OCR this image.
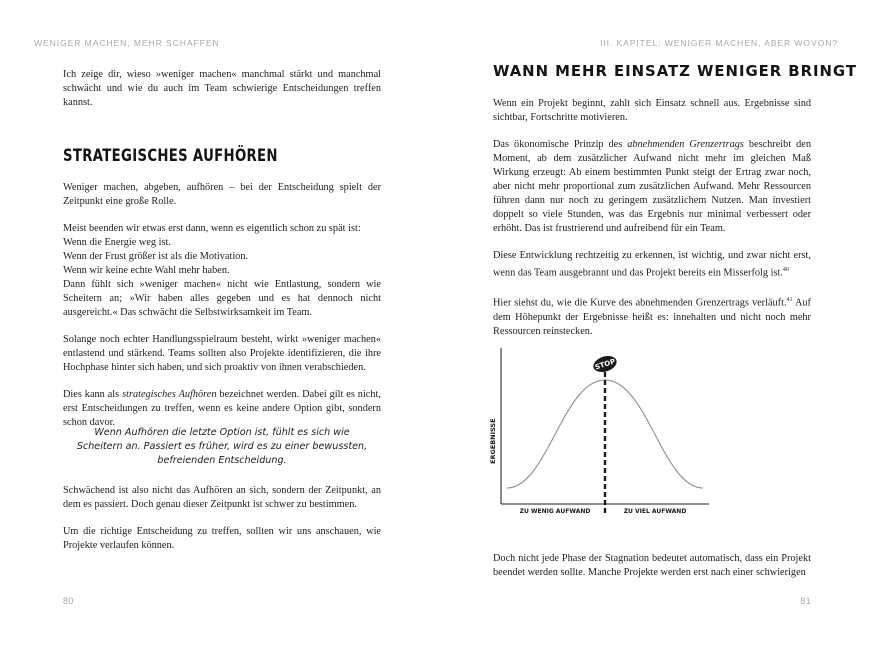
WENIGER MACHEN, MEHR SCHAFFEN

Ich zeige dir, wieso »weniger machen« manchmal stärkt und manchmal schwächt und wie du auch im Team schwierige Entscheidungen treffen kannst.

STRATEGISCHES AUFHÖREN

Weniger machen, abgeben, aufhören – bei der Entscheidung spielt der Zeitpunkt eine große Rolle.

Meist beenden wir etwas erst dann, wenn es eigentlich schon zu spät ist:
Wenn die Energie weg ist.
Wenn der Frust größer ist als die Motivation.
Wenn wir keine echte Wahl mehr haben.

Dann fühlt sich »weniger machen« nicht wie Entlastung, sondern wie Scheitern an; »Wir haben alles gegeben und es hat dennoch nicht ausgereicht.« Das schwächt die Selbstwirksamkeit im Team.

Solange noch echter Handlungsspielraum besteht, wirkt »weniger machen« entlastend und stärkend. Teams sollten also Projekte identifizieren, die ihre Hochphase hinter sich haben, und sich proaktiv von ihnen verabschieden.

Dies kann als strategisches Aufhören bezeichnet werden. Dabei gilt es nicht, erst Entscheidungen zu treffen, wenn es keine andere Option gibt, sondern schon davor.

Wenn Aufhören die letzte Option ist, fühlt es sich wie Scheitern an. Passiert es früher, wird es zu einer bewussten, befreienden Entscheidung.

Schwächend ist also nicht das Aufhören an sich, sondern der Zeitpunkt, an dem es passiert. Doch genau dieser Zeitpunkt ist schwer zu bestimmen.

Um die richtige Entscheidung zu treffen, sollten wir uns anschauen, wie Projekte verlaufen können.

80
III. KAPITEL: WENIGER MACHEN, ABER WOVON?
WANN MEHR EINSATZ WENIGER BRINGT

Wenn ein Projekt beginnt, zahlt sich Einsatz schnell aus. Ergebnisse sind sichtbar, Fortschritte motivieren.

Das ökonomische Prinzip des abnehmenden Grenzertrags beschreibt den Moment, ab dem zusätzlicher Aufwand nicht mehr im gleichen Maß Wirkung erzeugt: Ab einem bestimmten Punkt steigt der Ertrag zwar noch, aber nicht mehr proportional zum zusätzlichen Aufwand. Mehr Ressourcen führen dann nur noch zu geringem zusätzlichem Nutzen. Man investiert doppelt so viele Stunden, was das Ergebnis nur minimal verbessert oder erhöht. Das ist frustrierend und aufreibend für ein Team.

Diese Entwicklung rechtzeitig zu erkennen, ist wichtig, und zwar nicht erst, wenn das Team ausgebrannt und das Projekt bereits ein Misserfolg ist.$^{40}$

Hier siehst du, wie die Kurve des abnehmenden Grenzertrags verläuft.$^{41}$ Auf dem Höhepunkt der Ergebnisse heißt es: innehalten und nicht noch mehr Ressourcen reinstecken.

STOP
ERGEBNISSE
ZU WENIG AUFWAND	ZU VIEL AUFWAND

Doch nicht jede Phase der Stagnation bedeutet automatisch, dass ein Projekt beendet werden sollte. Manche Projekte werden erst nach einer schwierigen

81
